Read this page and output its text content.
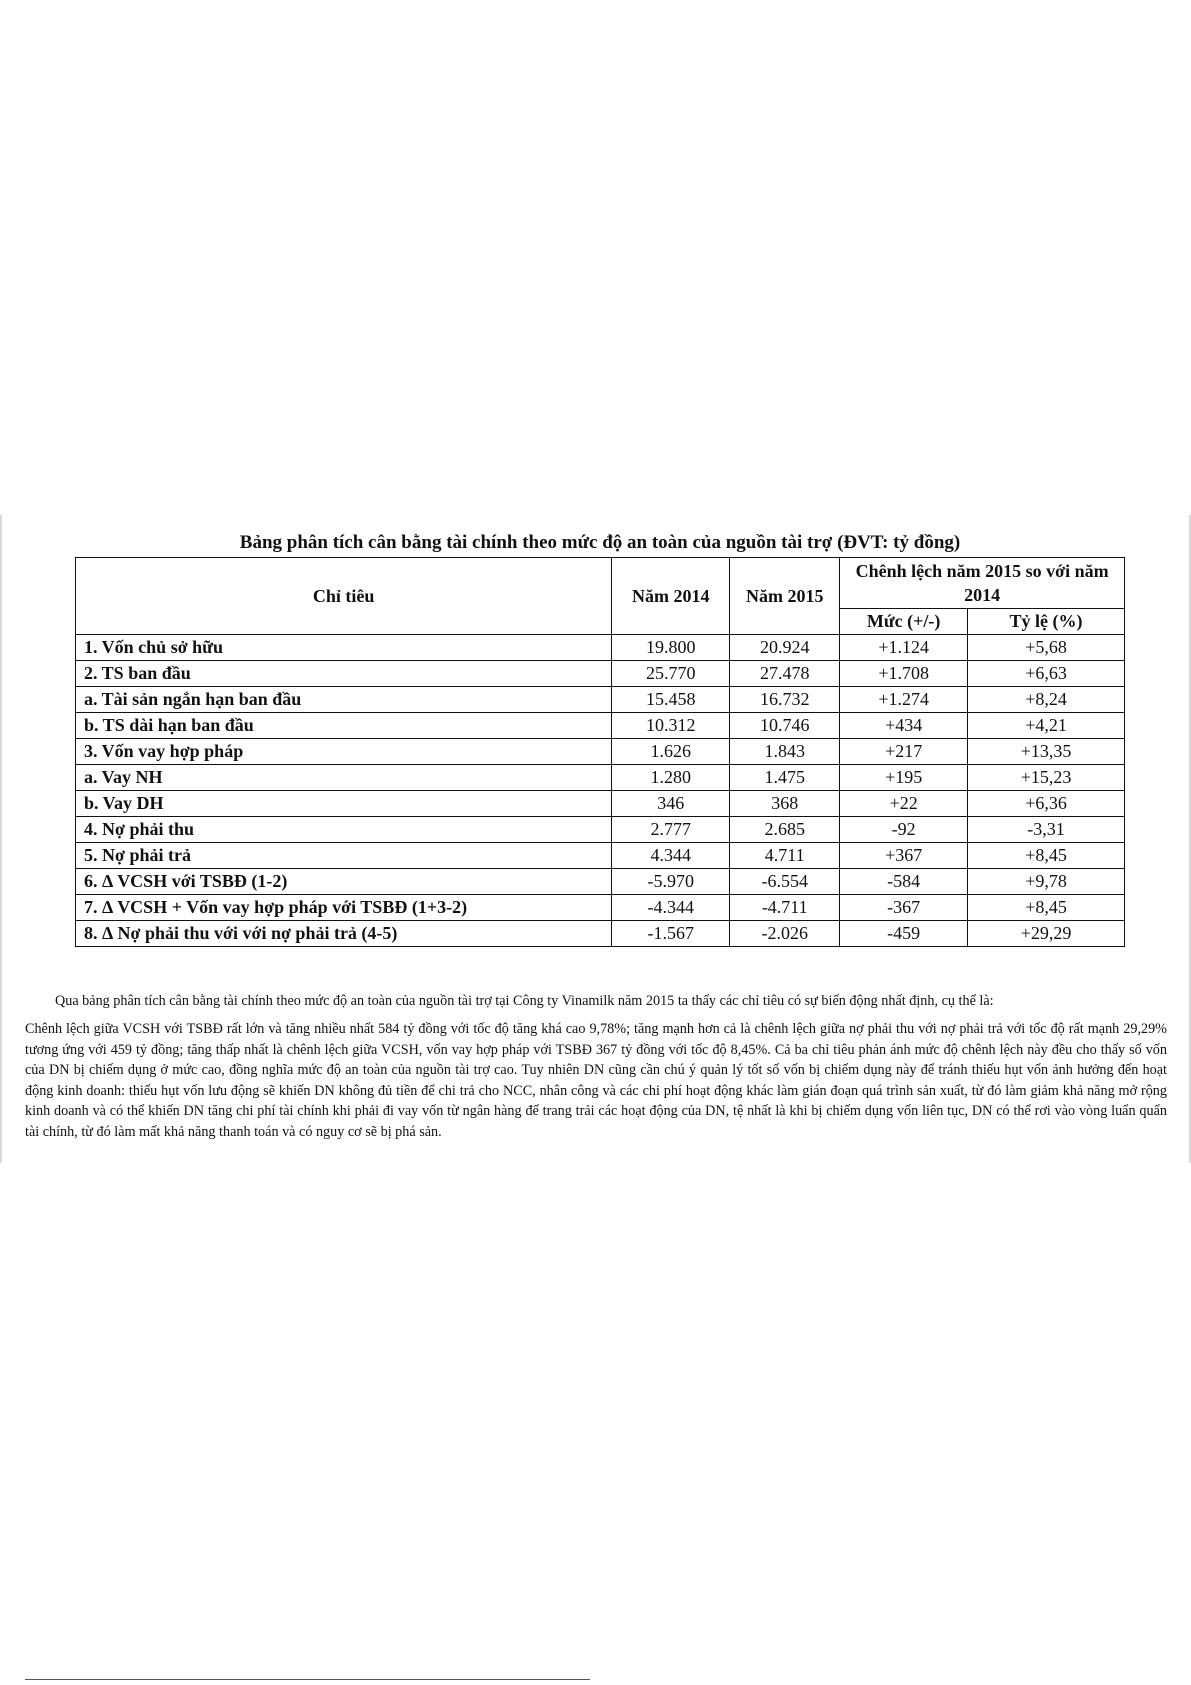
Bảng phân tích cân bằng tài chính theo mức độ an toàn của nguồn tài trợ (ĐVT: tỷ đồng)
Chỉ tiêu	Năm 2014	Năm 2015	Chênh lệch năm 2015 so với năm 2014	
			Mức (+/-)	Tỷ lệ (%)
1. Vốn chủ sở hữu	19.800	20.924	+1.124	+5,68
2. TS ban đầu	25.770	27.478	+1.708	+6,63
a. Tài sản ngắn hạn ban đầu	15.458	16.732	+1.274	+8,24
b. TS dài hạn ban đầu	10.312	10.746	+434	+4,21
3. Vốn vay hợp pháp	1.626	1.843	+217	+13,35
a. Vay NH	1.280	1.475	+195	+15,23
b. Vay DH	346	368	+22	+6,36
4. Nợ phải thu	2.777	2.685	-92	-3,31
5. Nợ phải trả	4.344	4.711	+367	+8,45
6. ∆ VCSH với TSBĐ (1-2)	-5.970	-6.554	-584	+9,78
7. ∆ VCSH + Vốn vay hợp pháp với TSBĐ (1+3-2)	-4.344	-4.711	-367	+8,45
8. ∆ Nợ phải thu với với nợ phải trả (4-5)	-1.567	-2.026	-459	+29,29

Qua bảng phân tích cân bằng tài chính theo mức độ an toàn của nguồn tài trợ tại Công ty Vinamilk năm 2015 ta thấy các chỉ tiêu có sự biến động nhất định, cụ thể là:

Chênh lệch giữa VCSH với TSBĐ rất lớn và tăng nhiều nhất 584 tỷ đồng với tốc độ tăng khá cao 9,78%; tăng mạnh hơn cả là chênh lệch giữa nợ phải thu với nợ phải trả với tốc độ rất mạnh 29,29% tương ứng với 459 tỷ đồng; tăng thấp nhất là chênh lệch giữa VCSH, vốn vay hợp pháp với TSBĐ 367 tỷ đồng với tốc độ 8,45%. Cả ba chỉ tiêu phản ánh mức độ chênh lệch này đều cho thấy số vốn của DN bị chiếm dụng ở mức cao, đồng nghĩa mức độ an toàn của nguồn tài trợ cao. Tuy nhiên DN cũng cần chú ý quản lý tốt số vốn bị chiếm dụng này để tránh thiếu hụt vốn ảnh hưởng đến hoạt động kinh doanh: thiếu hụt vốn lưu động sẽ khiến DN không đủ tiền để chi trả cho NCC, nhân công và các chi phí hoạt động khác làm gián đoạn quá trình sản xuất, từ đó làm giảm khả năng mở rộng kinh doanh và có thể khiến DN tăng chi phí tài chính khi phải đi vay vốn từ ngân hàng để trang trải các hoạt động của DN, tệ nhất là khi bị chiếm dụng vốn liên tục, DN có thể rơi vào vòng luẩn quẩn tài chính, từ đó làm mất khả năng thanh toán và có nguy cơ sẽ bị phá sản.
